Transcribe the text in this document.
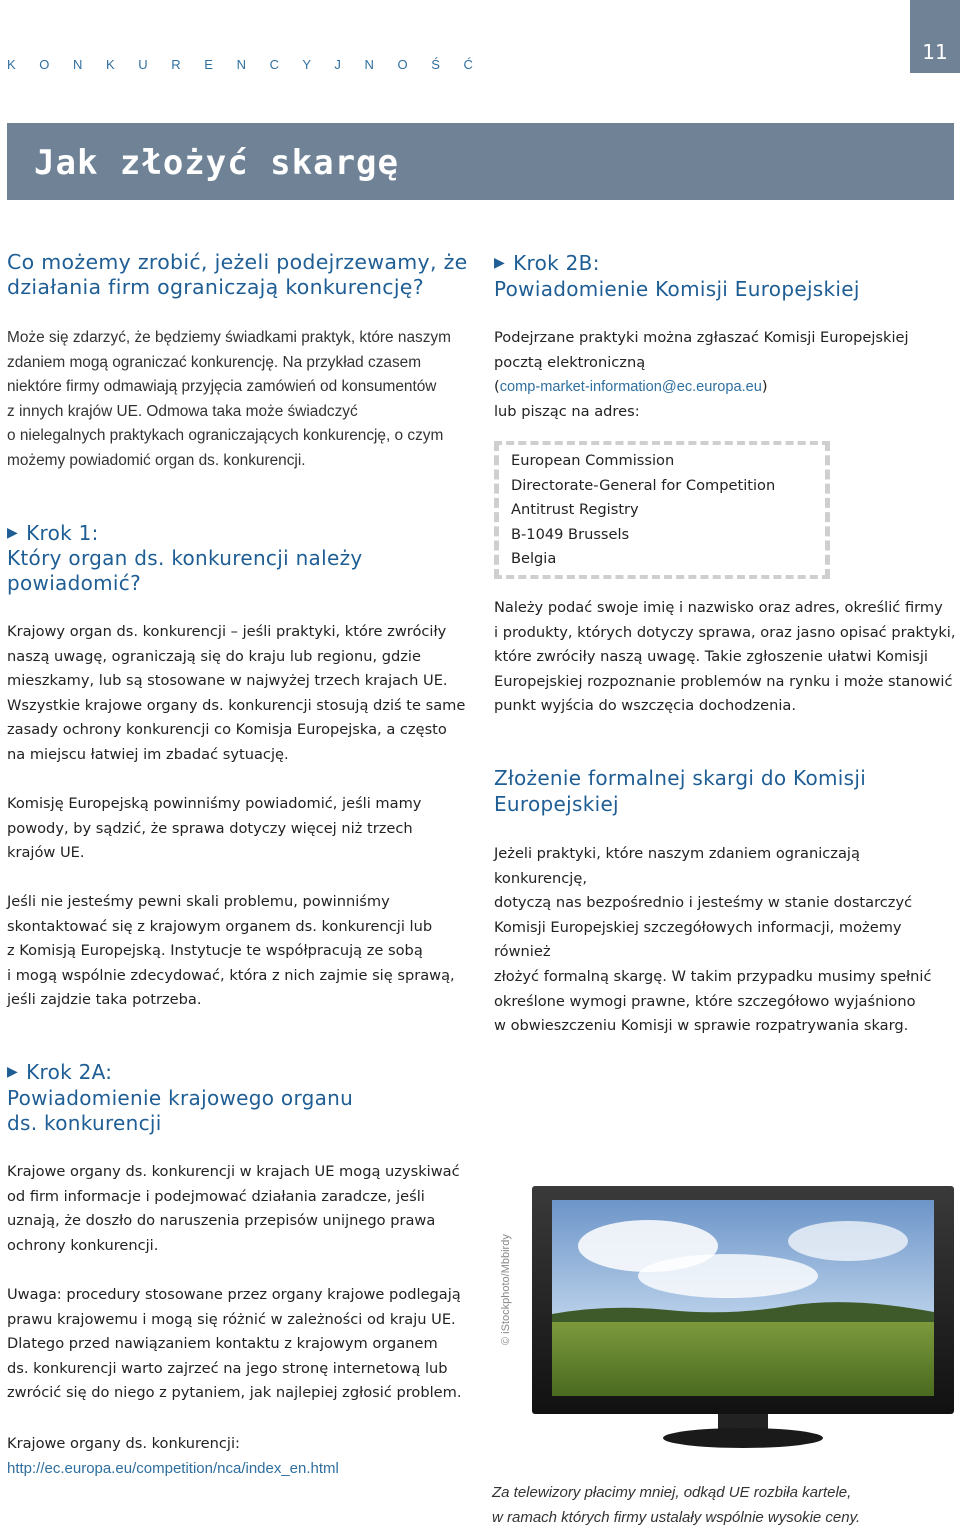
K O N K U R E N C Y J N O Ś Ć
11
Jak złożyć skargę
Co możemy zrobić, jeżeli podejrzewamy, że działania firm ograniczają konkurencję?
Może się zdarzyć, że będziemy świadkami praktyk, które naszym
zdaniem mogą ograniczać konkurencję. Na przykład czasem
niektóre firmy odmawiają przyjęcia zamówień od konsumentów
z innych krajów UE. Odmowa taka może świadczyć
o nielegalnych praktykach ograniczających konkurencję, o czym
możemy powiadomić organ ds. konkurencji.
▶ Krok 1:
Który organ ds. konkurencji należy
powiadomić?
Krajowy organ ds. konkurencji – jeśli praktyki, które zwróciły
naszą uwagę, ograniczają się do kraju lub regionu, gdzie
mieszkamy, lub są stosowane w najwyżej trzech krajach UE.
Wszystkie krajowe organy ds. konkurencji stosują dziś te same
zasady ochrony konkurencji co Komisja Europejska, a często
na miejscu łatwiej im zbadać sytuację.
Komisję Europejską powinniśmy powiadomić, jeśli mamy
powody, by sądzić, że sprawa dotyczy więcej niż trzech
krajów UE.
Jeśli nie jesteśmy pewni skali problemu, powinniśmy
skontaktować się z krajowym organem ds. konkurencji lub
z Komisją Europejską. Instytucje te współpracują ze sobą
i mogą wspólnie zdecydować, która z nich zajmie się sprawą,
jeśli zajdzie taka potrzeba.
▶ Krok 2A:
Powiadomienie krajowego organu
ds. konkurencji
Krajowe organy ds. konkurencji w krajach UE mogą uzyskiwać
od firm informacje i podejmować działania zaradcze, jeśli
uznają, że doszło do naruszenia przepisów unijnego prawa
ochrony konkurencji.
Uwaga: procedury stosowane przez organy krajowe podlegają
prawu krajowemu i mogą się różnić w zależności od kraju UE.
Dlatego przed nawiązaniem kontaktu z krajowym organem
ds. konkurencji warto zajrzeć na jego stronę internetową lub
zwrócić się do niego z pytaniem, jak najlepiej zgłosić problem.
Krajowe organy ds. konkurencji:
http://ec.europa.eu/competition/nca/index_en.html
▶ Krok 2B:
Powiadomienie Komisji Europejskiej
Podejrzane praktyki można zgłaszać Komisji Europejskiej
pocztą elektroniczną
(comp-market-information@ec.europa.eu)
lub pisząc na adres:
European Commission
Directorate-General for Competition
Antitrust Registry
B-1049 Brussels
Belgia
Należy podać swoje imię i nazwisko oraz adres, określić firmy
i produkty, których dotyczy sprawa, oraz jasno opisać praktyki,
które zwróciły naszą uwagę. Takie zgłoszenie ułatwi Komisji
Europejskiej rozpoznanie problemów na rynku i może stanowić
punkt wyjścia do wszczęcia dochodzenia.
Złożenie formalnej skargi do Komisji
Europejskiej
Jeżeli praktyki, które naszym zdaniem ograniczają konkurencję,
dotyczą nas bezpośrednio i jesteśmy w stanie dostarczyć
Komisji Europejskiej szczegółowych informacji, możemy również
złożyć formalną skargę. W takim przypadku musimy spełnić
określone wymogi prawne, które szczegółowo wyjaśniono
w obwieszczeniu Komisji w sprawie rozpatrywania skarg.
© iStockphoto/Mbbirdy
Za telewizory płacimy mniej, odkąd UE rozbiła kartele,
w ramach których firmy ustalały wspólnie wysokie ceny.
